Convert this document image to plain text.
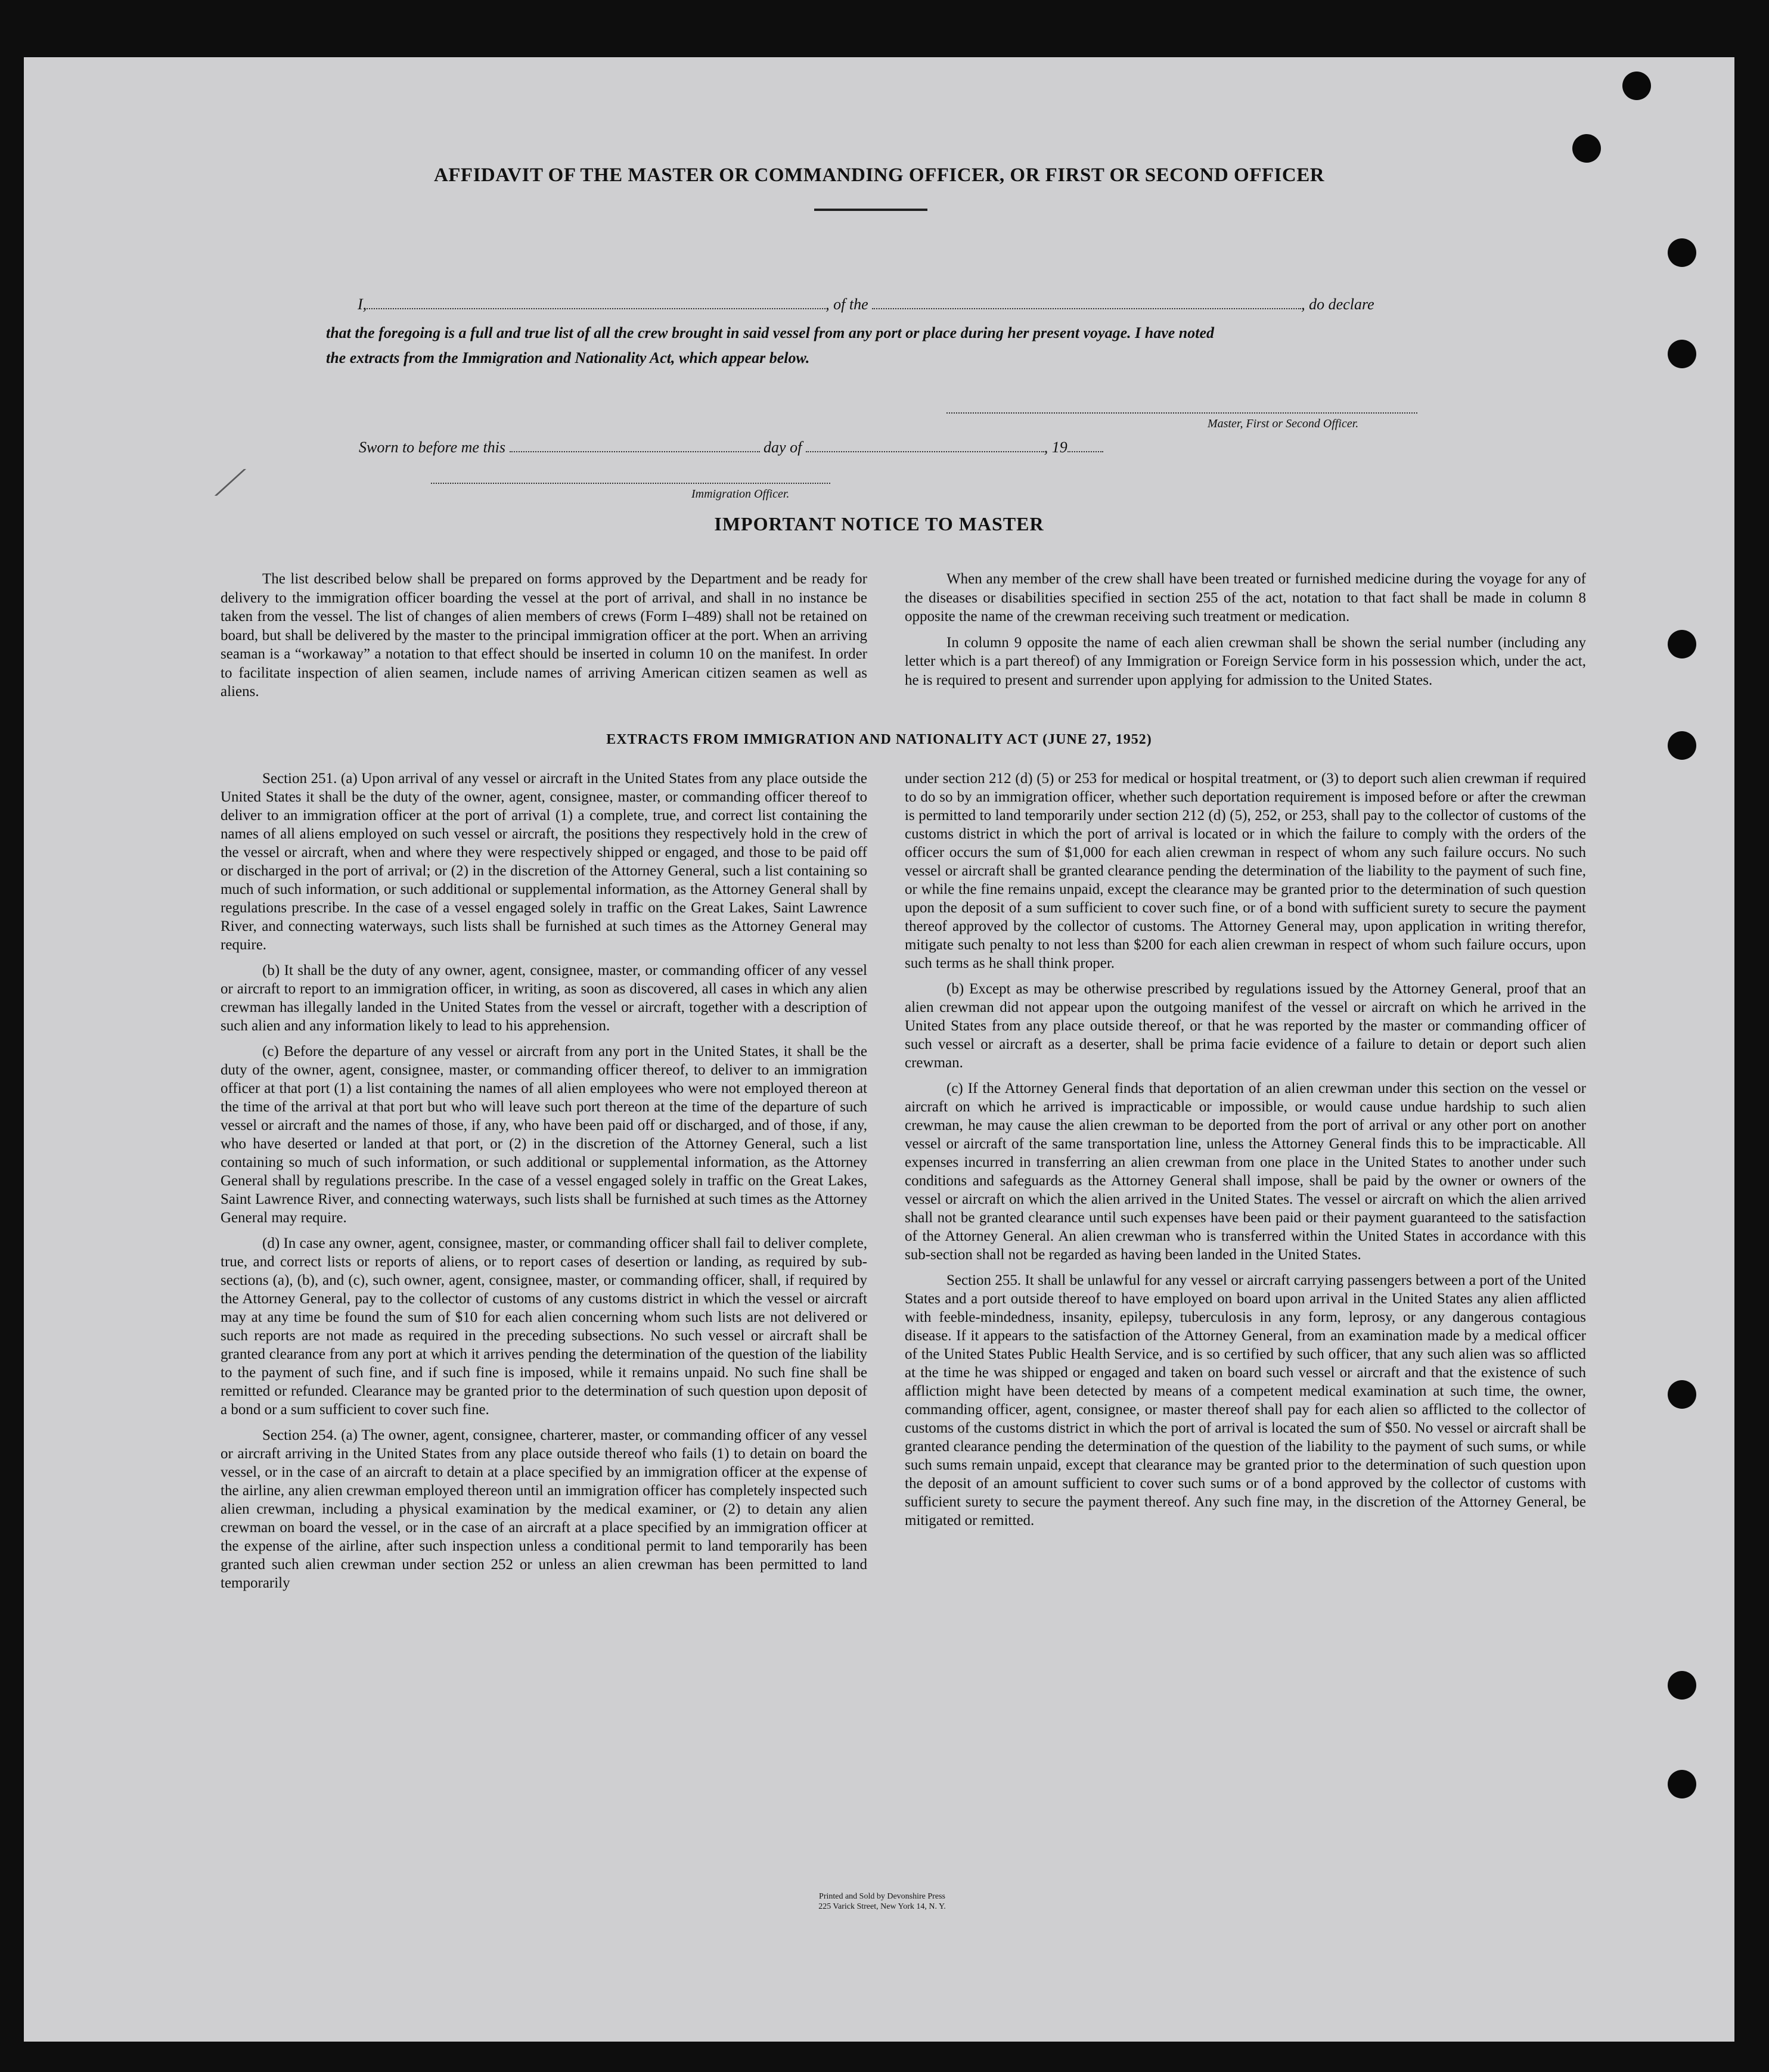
AFFIDAVIT OF THE MASTER OR COMMANDING OFFICER, OR FIRST OR SECOND OFFICER
I,	, of the	, do declare
that the foregoing is a full and true list of all the crew brought in said vessel from any port or place during her present voyage. I have noted
the extracts from the Immigration and Nationality Act, which appear below.
Master, First or Second Officer.
Sworn to before me this	day of	, 19
Immigration Officer.
IMPORTANT NOTICE TO MASTER

The list described below shall be prepared on forms approved by the Department and be ready for delivery to the immigration officer boarding the vessel at the port of arrival, and shall in no instance be taken from the vessel. The list of changes of alien members of crews (Form I–489) shall not be retained on board, but shall be delivered by the master to the principal immigration officer at the port. When an arriving seaman is a “workaway” a notation to that effect should be inserted in column 10 on the manifest. In order to facilitate inspection of alien seamen, include names of arriving American citizen seamen as well as aliens.

When any member of the crew shall have been treated or furnished medicine during the voyage for any of the diseases or disabilities specified in section 255 of the act, notation to that fact shall be made in column 8 opposite the name of the crewman receiving such treatment or medication.

In column 9 opposite the name of each alien crewman shall be shown the serial number (including any letter which is a part thereof) of any Immigration or Foreign Service form in his possession which, under the act, he is required to present and surrender upon applying for admission to the United States.

EXTRACTS FROM IMMIGRATION AND NATIONALITY ACT (JUNE 27, 1952)

Section 251. (a) Upon arrival of any vessel or aircraft in the United States from any place outside the United States it shall be the duty of the owner, agent, consignee, master, or commanding officer thereof to deliver to an immigration officer at the port of arrival (1) a complete, true, and correct list containing the names of all aliens employed on such vessel or aircraft, the positions they respectively hold in the crew of the vessel or aircraft, when and where they were respectively shipped or engaged, and those to be paid off or discharged in the port of arrival; or (2) in the discretion of the Attorney General, such a list containing so much of such information, or such additional or supplemental information, as the Attorney General shall by regulations prescribe. In the case of a vessel engaged solely in traffic on the Great Lakes, Saint Lawrence River, and connecting waterways, such lists shall be furnished at such times as the Attorney General may require.

(b) It shall be the duty of any owner, agent, consignee, master, or commanding officer of any vessel or aircraft to report to an immigration officer, in writing, as soon as discovered, all cases in which any alien crewman has illegally landed in the United States from the vessel or aircraft, together with a description of such alien and any information likely to lead to his apprehension.

(c) Before the departure of any vessel or aircraft from any port in the United States, it shall be the duty of the owner, agent, consignee, master, or commanding officer thereof, to deliver to an immigration officer at that port (1) a list containing the names of all alien employees who were not employed thereon at the time of the arrival at that port but who will leave such port thereon at the time of the departure of such vessel or aircraft and the names of those, if any, who have been paid off or discharged, and of those, if any, who have deserted or landed at that port, or (2) in the discretion of the Attorney General, such a list containing so much of such information, or such additional or supplemental information, as the Attorney General shall by regulations prescribe. In the case of a vessel engaged solely in traffic on the Great Lakes, Saint Lawrence River, and connecting waterways, such lists shall be furnished at such times as the Attorney General may require.

(d) In case any owner, agent, consignee, master, or commanding officer shall fail to deliver complete, true, and correct lists or reports of aliens, or to report cases of desertion or landing, as required by sub-sections (a), (b), and (c), such owner, agent, consignee, master, or commanding officer, shall, if required by the Attorney General, pay to the collector of customs of any customs district in which the vessel or aircraft may at any time be found the sum of $10 for each alien concerning whom such lists are not delivered or such reports are not made as required in the preceding subsections. No such vessel or aircraft shall be granted clearance from any port at which it arrives pending the determination of the question of the liability to the payment of such fine, and if such fine is imposed, while it remains unpaid. No such fine shall be remitted or refunded. Clearance may be granted prior to the determination of such question upon deposit of a bond or a sum sufficient to cover such fine.

Section 254. (a) The owner, agent, consignee, charterer, master, or commanding officer of any vessel or aircraft arriving in the United States from any place outside thereof who fails (1) to detain on board the vessel, or in the case of an aircraft to detain at a place specified by an immigration officer at the expense of the airline, any alien crewman employed thereon until an immigration officer has completely inspected such alien crewman, including a physical examination by the medical examiner, or (2) to detain any alien crewman on board the vessel, or in the case of an aircraft at a place specified by an immigration officer at the expense of the airline, after such inspection unless a conditional permit to land temporarily has been granted such alien crewman under section 252 or unless an alien crewman has been permitted to land temporarily

under section 212 (d) (5) or 253 for medical or hospital treatment, or (3) to deport such alien crewman if required to do so by an immigration officer, whether such deportation requirement is imposed before or after the crewman is permitted to land temporarily under section 212 (d) (5), 252, or 253, shall pay to the collector of customs of the customs district in which the port of arrival is located or in which the failure to comply with the orders of the officer occurs the sum of $1,000 for each alien crewman in respect of whom any such failure occurs. No such vessel or aircraft shall be granted clearance pending the determination of the liability to the payment of such fine, or while the fine remains unpaid, except the clearance may be granted prior to the determination of such question upon the deposit of a sum sufficient to cover such fine, or of a bond with sufficient surety to secure the payment thereof approved by the collector of customs. The Attorney General may, upon application in writing therefor, mitigate such penalty to not less than $200 for each alien crewman in respect of whom such failure occurs, upon such terms as he shall think proper.

(b) Except as may be otherwise prescribed by regulations issued by the Attorney General, proof that an alien crewman did not appear upon the outgoing manifest of the vessel or aircraft on which he arrived in the United States from any place outside thereof, or that he was reported by the master or commanding officer of such vessel or aircraft as a deserter, shall be prima facie evidence of a failure to detain or deport such alien crewman.

(c) If the Attorney General finds that deportation of an alien crewman under this section on the vessel or aircraft on which he arrived is impracticable or impossible, or would cause undue hardship to such alien crewman, he may cause the alien crewman to be deported from the port of arrival or any other port on another vessel or aircraft of the same transportation line, unless the Attorney General finds this to be impracticable. All expenses incurred in transferring an alien crewman from one place in the United States to another under such conditions and safeguards as the Attorney General shall impose, shall be paid by the owner or owners of the vessel or aircraft on which the alien arrived in the United States. The vessel or aircraft on which the alien arrived shall not be granted clearance until such expenses have been paid or their payment guaranteed to the satisfaction of the Attorney General. An alien crewman who is transferred within the United States in accordance with this sub-section shall not be regarded as having been landed in the United States.

Section 255. It shall be unlawful for any vessel or aircraft carrying passengers between a port of the United States and a port outside thereof to have employed on board upon arrival in the United States any alien afflicted with feeble-mindedness, insanity, epilepsy, tuberculosis in any form, leprosy, or any dangerous contagious disease. If it appears to the satisfaction of the Attorney General, from an examination made by a medical officer of the United States Public Health Service, and is so certified by such officer, that any such alien was so afflicted at the time he was shipped or engaged and taken on board such vessel or aircraft and that the existence of such affliction might have been detected by means of a competent medical examination at such time, the owner, commanding officer, agent, consignee, or master thereof shall pay for each alien so afflicted to the collector of customs of the customs district in which the port of arrival is located the sum of $50. No vessel or aircraft shall be granted clearance pending the determination of the question of the liability to the payment of such sums, or while such sums remain unpaid, except that clearance may be granted prior to the determination of such question upon the deposit of an amount sufficient to cover such sums or of a bond approved by the collector of customs with sufficient surety to secure the payment thereof. Any such fine may, in the discretion of the Attorney General, be mitigated or remitted.

Printed and Sold by Devonshire Press
225 Varick Street, New York 14, N. Y.
⟋
